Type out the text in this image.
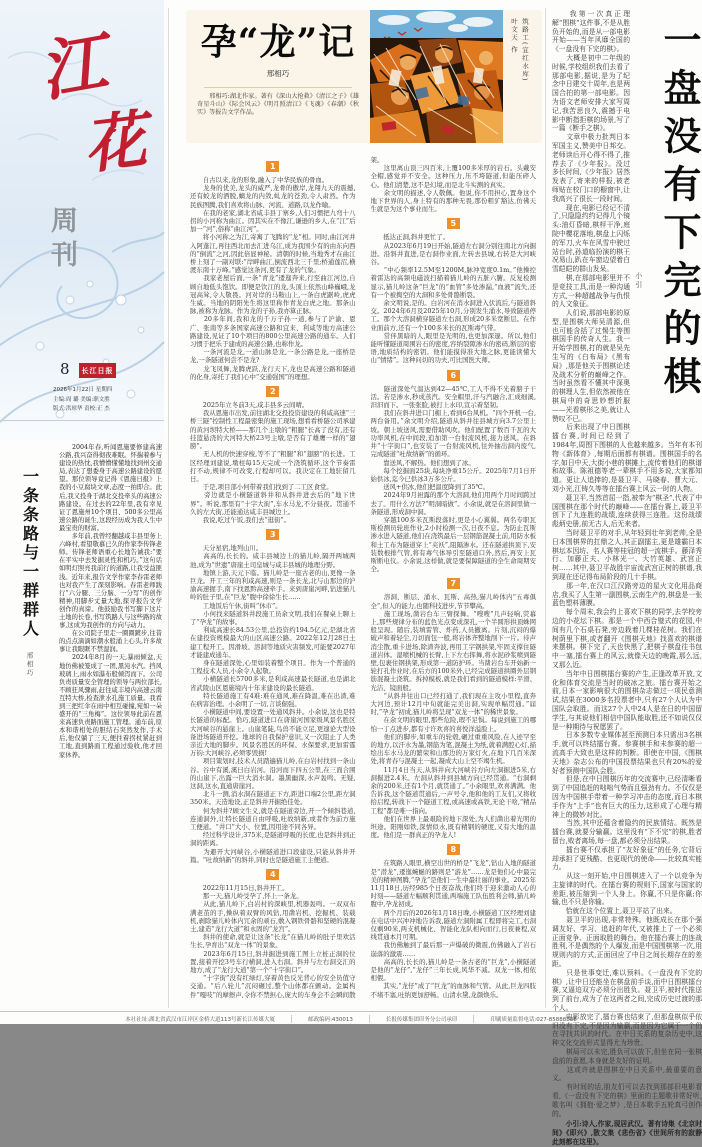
江
花
周刊
8	长江日报
2026年1月22日 星期四
主编:周 璐 美编:职文胜
版式:洪琼华 责校:正 杰
一条条路与一群群人
邢相巧
　　2004年春,听闻恩施要修建高速公路,我兴奋得彻夜难眠。怀揣着参与建设的热忱,我懵懵懂懂地找到州交通局,表达了想委身于高速公路建设的愿望。那位领导竟记得《恩施日报》上我的小豆腐块文章,态度一拍即合。此后,我又投身于湖北交投牵头的高速公路建设。在过去的22年里,我有幸见证了恩施州10个项目、500多公里高速公路的诞生,这段经历成为我人生中最宝贵的财富。
　　多年前,我曾经翻越咸丰县里务上六峰村,看望敬慕已久的作家李传锋老师。传锋老师语重心长地告诫我:“要在平实中去发掘灵性和机巧。”这句话如明灯照亮我前行的道路,让我受益匪浅。近年来,报告文学作家李春雷老师也对我产生了深刻影响。春雷老师践行“六分腿、三分脑、一分写”的创作精神,用脚步丈量大地,探寻报告文学创作的真谛。他鼓励我书写脚下这片土地的长卷,书写筑路人与这些路的故事,这成为我创作的方向与动力。
　　在公司院子里走一圈圈踱步,往昔的点点滴滴如潮水般涌上心头,许多故事让我眼眶不禁湿润。
　　2024年8月的一天,暴雨倾盆,天地仿佛被笼成了一团,黑沌水汽。挡风玻璃上,雨水如瀑布般倾泻而下。公司负责质量安全管理的领导与两位部长,不顾狂风骤雨,赶往咸丰境内高速云南互特大桥,检查泄水孔施工质量。我看到三把红伞在雨中相互碰撞,宛如一朵盛开的“三角梅”。这位领导此前在恩来高速负责路面施工管理。通车前,原本和谐相处的胆结石突然发作,手术后,他仅躺了三天,便拄着拐杖紧赶到工地,直到路面工程通过验收,他才回家休养。
孕“龙”记
邢相巧
　　邢相巧:湖北作家。著有《深山大抢救》《清江之子》《雄奇星斗山》《际会风云》《明月照清江》《飞魂》《春潮》《秋实》等报告文学作品。
筑路工(宜红水库)
叶文天 作
1
　　自古以来,龙的形象,融入了中华民族的骨血。
　　龙身的优美,龙头的威严,龙骨的傲岸,龙翔九天的震撼,还有蛟龙的洒脱,螭龙的内敛,虬龙的苍劲,令人肃然。作为民族图腾,我们喜欢将山脉、河流、道路,以龙作喻。
　　在我的老家,湖北省咸丰县丁寨乡,人们习惯把九弯十八拐的小河称为曲江。因其实在不像江,谦逊的乡人,在“江”后加一“河”,俗称“曲江河”。
　　将小河称之为江,寄寓了飞腾的“龙”相。同时,曲江河并入阿蓬江,再往西北而去汇进乌江,成为我国少有的由东向西的“倒流”之河,因此倍显神秘。清朝的时候,当地秀才在曲江桥上刻了一副对联:“岸畔曲江,倒流西北三千里;桥通莲沼,横渡东南十万峰。”感觉这条河,更有了龙的气象。
　　我家老屋后面,一条“青龙”逶迤奔来,行至曲江河边,自顾自地低头饱饮。即便是饮江的龙,头顶上依然山峰巍峨,龙冠高耸,令人敬畏。河对岸的马鞍山上,一条白虎踞岭,虎虎生威。当地的阴阳先生将这里称作青龙白虎之地。那条山脉,被称为龙脉。作为龙的子孙,我亦算正脉。
　　20多年间,我和龙的千万子孙一道,参与了沪渝、恩广、张南等多条国家高速公路和宜来、利咸等地方高速公路建设,见证了10个项目的800公里高速公路的通车。人们习惯于把乐于建成的高速公路,也称作龙。
　　一条河流是龙,一道山脉是龙,一条公路是龙,一座桥是龙,一条隧道何尝不是龙?
　　龙飞凤舞,龙腾虎跃,龙行天下,龙也是高速公路和隧道的化身,寄托了我们心中“交通强国”的理想。
2
　　2025年立冬前3天,咸丰县多云间晴。
　　我从恩施市出发,前往湖北交投投资建设的利咸高速“三桥三隧”控制性工程最密集的施工现场,想看看桥隧公司承建的黄河坝特大桥——那几个主墩的“粗腿”长高了没有,还有挂篮悬浇的大河特大桥23号主墩,是否有了雄鹰一样的“翅膀”。
　　无人机的快速穿梭,等不了“粗腿”和“翅膀”的长进。工区经理刘建说,墩柱每15天完成一个浇筑循环,这个节奏雷打不动,规律不可改变,行程却可以。我决定在工地驻留几日。
　　于是,项目部小何带着我们找到了二工区食堂。
　　旁边就是小横隧道斜井和从斜井进去后的“地下世界”。听说,那里有“十字大街”,车水马龙,不分昼夜。贯通不久的左大街,还能通达咸丰县城边上。
　　我说,吃过午饭,我们去“逛街”。
3
　　天分星宿,地列山川。
　　高高的,长长的。咸丰县城边上的猫儿岭,隔开两城两池,成为“世遗”唐崖土司皇城与咸丰县城的地理分野。
　　地镇上游,天元下临。猫儿岭是一座古老的山,更像一条巨龙。开工三年的利咸高速,则是一条长龙,北与山那边的沪渝高速握手,南下找恩黔高速牵手。来到唐崖河畔,钻进猫儿岭的肚子里,在“巨龙”腹中徐徐生长……
　　工地饭后午休,街叫“休市”。
　　小何找来隧道斜井段施工员余文明,我们在餐桌上聊上了“孕龙”的故事。
　　利咸高速长84.53公里,总投资约194.5亿元,是湖北省在建投资规模最大的山区高速公路。2022年12月28日土建工程开工。因滑坡、溶洞等地质灾害频发,可能要2027年才能建成通车。
　　身在隧道深处,心里如装着整个项目。作为一个普通的工程技术人员,小余令人起敬。
　　小横隧道长5700多米,是利咸高速最长隧道,也是湖北省武陵山区恩施境内十年来建设的最长隧道。
　　特长隧道施工有4难:难在通风,难在降温,难在出渣,难在病害治理。小余明了一切,言谈倔强。
　　小横隧道中间,要设置一处通风斜井。小余说,这也是特长隧道的标配。恰巧,隧道进口在唐崖河国家级风景名胜区大河峡谷的悬崖上。山崖笔陡,鸟兽不能立足,更遑论大型设备进场隧道开挖。地球的自我保护意识,又一次阻止了人类亲近大地的脚步。风景名胜区的环保、水保要求,更加雷霆万钧:大河峡谷,必须零毁损!
　　项目策划时,技术人员踏遍猫儿岭,在白岩村找到一条山谷。谷中有溪,溪曰白岩河。沿河而下四五公里,在三面合围的山崖下,出露一巨大消水洞。墨黑幽深,水声轰鸣。无疑,这洞,这水,直通唐崖河。
　　北斗一测,消水洞在隧道正下方,距进口端2公里,距左洞350米。天造地设,正是斜井开掘绝佳处。
　　何为斜井?顾文生义,就是在隧道旁边,开一个倾斜巷道,连通洞外,让特长隧道自由呼吸,吐故纳新,或者作为前方施工便道。“井口”大小、位置,因用途不同各异。
　　经过科学设计,375米,是隧道呼吸的长度,也是斜井到正洞的距离。
　　为避开大河峡谷,小横隧道进口段建设,只能从斜井开篇。“吐故纳新”的斜井,同时也是隧道施工主便道。
4
　　2022年11月15日,斜井开工。
　　那一天,猫儿岭受孕了,怀上一条龙。
　　从此,猫儿岭下,白岩村的深峡里,机器轰鸣。一双双布满老茧的手,操纵着双臂的风钻,用凿岩机、挖掘机、装载机,剥除猫儿岭体内冗余的顽石,敷入钢铁骨骼和坚硬的混凝土,建造“龙行大道”和永固的“龙宫”。
　　斜井的使命,就是让这条“长龙”在猫儿岭的肚子里欢活生长,孕育出“双龙一体”的景象。
　　2023年6月15日,斜井掘进到施工图上立桩正洞的位置,接着开挖3号车行横洞,进入右洞。斜井与左右洞交汇的地方,成了“龙行大道”第一个“十字街口”。
　　“十字街”没有红绿灯,穿着黄色反光背心的安全员值守交通。“后八轮儿”沉闷碾过,整个山体都在颤动。金属构件“嘎吱”的摩擦声,令你不禁担心,庞大的车身会不会瞬间散架。
　　这里离山顶三四百米,上覆100多米厚的岩石。头戴安全帽,感觉并不安全。这种压力,压不垮隧道,但能压碎人心。他们清楚,这不是幻境,而是北斗实测的真实。
　　余文明的描述,令人敬佩。他说,你不用担心,置身这个地下世界的人,身上特有的那种无畏,那份粗犷豁达,仿佛天生就是为这个事业而生。
5
　　抵达正洞,斜井更忙了。
　　从2023年6月19日开始,隧道左右洞分别往南北方向掘进。沿斜井直进,是右洞作业面,左转去县城,右转是大河峡谷。
　　“中心频率12.5M至1200M,脉冲宽度0.1m。”他操控着雷达的高频电磁波扫描着猫儿岭的五脏六腑。反复检测显示,猫儿岭这条“巨龙”的“血管”多处渗漏,“血液”流失,还有一个被掏空的大洞和多处骨骼断裂。
　　余文明说,是的。白岩河在消水洞进入伏流后,与隧道斜交。2024年6月及2025年10月,分别发生涌水,导致隧道停工。那个大溶洞横穿隧道左右洞,形成20多米宽断层。在作业面前方,还有一个100多米长的瓦斯毒气带。
　　常伴黑暗的人,眼里是光明的,也更加深邃。所以,他们能听懂隧道周围岩石的密度,容纳裂隙渗水的密码,断层的密语,地质结构的密钥。他们能摸得准大地之脉,更能读懂大山“情绪”。这种问切的功夫,可比国医大师。
6
　　隧道深处气温达到42—45℃,工人不得不光着膀子干活。若是渗水,秒成蒸汽。安全帽里,汗与汽融合,汇成细溪,汩汩而下。一张张脸,被打上水印,宣示着坚韧。
　　我们在斜井进口门楣上,看到6台风机。“四个开机一台,两台备用。”余文明介绍,隧道从斜井往县城方向3.7公里上坡。朝上坡送风,需要借助风吹。他们配置了数百千瓦的大功率风机,在中间段,追加第一台射流风机,接力送风。在斜井“十字街口”,也安装了一台射流风机,往外抽出洞内废气,完成隧道“吐故纳新”的循环。
　　靠送风,不解热。他们想到了冰。
　　每个挖掘面25块,每块净重15公斤。2025年7月1日开始供冰,迄今已供冰3万多公斤。
　　送风+供冰,他们把温度降到了35℃。
　　2024年9月袒露的那个大溶洞,他们用两个月时间跨过去了。用什么方法?“明洞暗做”。小余说,就是在溶洞里做一条隧道,形成洞中洞。
　　穿越100多米瓦斯段落时,更是小心翼翼。两名专职瓦斯检测员轮班作业,2小时检测一次,日夜不息。为防止瓦斯渗水进入隧道,他们在浇筑最后一层钢筋混凝土前,用防水板和土工布为隧道穿上“夹袄”,阻隔渗水。还在隧道拱顶下,安装数根排气管,将有毒气体导引至隧道口外,然后,再安上瓦斯断电仪。小余说,这样做,就是要保障隧道的全生命周期安全。
7
　　溶洞、断层、涌水、瓦斯、高热,猫儿岭体内“五毒俱全”,但人的能力,也随科技进步,节节攀高。
　　施工现场,凿岩台车三臂探舞。“嗖嗖”几声轻响,荧幕上,那些规律分布的蓝色光点变成深孔,一个半圆形拱顶蛛网般呈现。随后,装填雷管、炸药,人员撤离。片刻,沉闷的爆破声和着轻尘,刀切面包一般,将岩体齐整地削下一片。待声消尘散,重卡进场,除渣奔波,再用工字钢拱架,牢固支撑住隧道岩体。湿喷机械的长臂,上下左右挥舞,将水泥砂浆喷到隧壁,包裹住钢拱架,形成第一道防护环。当凿岩台车开始新一轮打孔作业时,在后方的100米外,已经完成隧道拱圈外层钢筋混凝土浇筑。拆掉模板,就是我们看到的隧道模样:平滑、光洁、镜面般。
　　“从斜井往出口已经打通了,我们现在主攻小里程,直奔大河边,预计12月中旬就能完美出洞,实现单幅贯通。”届时,“孕龙”初成,猫儿岭将呈现“双龙一体”的稀世景象。
　　在余文明的眼里,那些危险,瑕不足惧。每说到施工的哪怕一丁点进步,都有寸许欢喜的喜悦洋溢脸上。
　　他们的脚步,如重车的轮毂,碾过重重风险,在人迹罕至的地方,以汗水为墨,钢筋为笔,混凝土为纸,就着满腔心灯,描绘出车水马龙的繁荣和山那边的万家灯火,在地下几百米深处,将青春与混凝土一起,凝成大山上空不竭生机。
　　11月4日当天,从斜井向大河峡谷方向左洞掘进5米,右洞掘进2.4米。左洞从斜井到县城方向已经贯通。“右洞剩余的200米,还有1个月,就贯通了。”小余眼里,欢喜满满。他告诉我,这个隧道贯通后,一声号令,他和他的工友们,又将收拾启程,转战下一个隧道工程,或高速或高铁,无论干啥,“精品工程”都是唯一指向。
　　他们在世界上最艰险的地下深处,为人们凿出着光明的坦途。阳刚如铁,深情似水,既有精钢的硬度,又有大地的温度。他们是一群真正的孕龙人!
8
　　在筑路人眼里,横空出世的桥是“飞龙”,钻山入地的隧道是“潜龙”,逶迤蜿蜒的路则是“游龙”……龙是他们心中最完美的精神图腾,“孕龙”是他们一生中最壮丽的事业。2025年11月18日,历经985个日夜奋战,他们终于迎来激动人心的时刻——隧道左幅顺利贯通,两端施工队伍胜利会师,猫儿岭腹中,孕龙初成。
　　两个月后的2026年1月18日晚,小横隧道工区经理刘建在电话中兴冲冲地告诉我,隧道左洞附属工程即将完工,右洞仅剩90米,两支机械化、智能化龙队相向而行,日夜兼程,双线贯通本月可期。
　　我仿佛触到了最后那一声爆破的微震,仿佛融入了岩石崩落的激震……
　　高高的,长长的,猫儿岭是一条古老的“巨龙”,小横隧道是他的“龙仔”,“龙仔”三年长成,风华不减。双龙一体,相依相偎。
　　其实,“龙仔”成了“巨龙”的血脉和气管。从此,巨龙四肢不堵不塞,吐纳更加舒畅。山清水黛,龙颜焕乐。
一盘没有下完的棋
小引
　　我第一次真正理解“围棋”这件事,不是从胜负开始的,而是从一部电影开始——当年风靡全国的《一盘没有下完的棋》。
　　大概是初中二年级的时候,学校组织我们去看了那部电影,据说,是为了纪念中日建交十周年,也是两国合拍的第一部电影。因为语文老师安排大家写周记,我苦思良久,震撼于电影中断指拒棋的场景,写了一篇《断手之棋》。
　　文章中极力批判日本军国主义,赞美中日邦交。老师读后开心得不得了,推荐去了《少年报》。没过多长时间,《少年报》居然发表了,寄来的样报,被老师贴在校门口的橱窗中,让我高兴了很长一段时间。
　　现在,电影已经记不清了,只隐隐约约记得几个镜头:油灯昏暗,棋枰干净,庭院中樱花落地,棋盘上闪烁的军刀,火车在风雪中驶过站台时,孙道临扮演的棋王况易山,趴在车窗边望着白雪皑皑的群山发呆。
　　棋,在那部电影里并不是竞技工具,而是一种沟通方式,一种超越战争与仇恨的人文象征。
　　人们说,那部电影的原型,是围棋大师吴清源,但也可能含括了过惕生等围棋国手的传奇人生。我一开始学围棋,打的就是吴先生写的《白布局》《黑布局》,那是他关于围棋论述及战术分析的巅峰之作。当时虽然看不懂其中深奥的棋理人生,但依然被他在棋局中的奇思妙想折服——光看棋形之美,就让人赞叹不已。
　　后来出现了中日围棋擂台赛,时间已经到了1984年,周围下围棋的人也越来越多。当年有本刊物《新体育》,每期后面都有棋谱。围棋国手的名字,如日中天,大街小巷的棋摊上,流传着他们的棋谱和故事。陈祖德等老一辈棋手不用多说,大家都知道。更让人追捧的,是聂卫平、马晓春、曹大元、刘小光,江铸久等等在擂台赛上风云一时的人物。
　　聂卫平,当然首屈一指,被奉为“棋圣”,代表了中国围棋在那个时代的巅峰——在擂台赛上,聂卫平创下了九连胜的战绩,连续获得三连胜。这份战绩彪炳史册,前无古人,后无来者。
　　当时聂卫平的对手,从年轻到壮年到老帅,全是日本围棋界的扛鼎之人,其正副擂主,更是雄霸日本棋坛本因坊、名人赛等桂冠的超一流棋手。藤泽秀行、加藤正夫、小林光一、大竹英雄、武宫正树……其中,聂卫平战胜宇宙流武宫正树的棋谱,我到现在还记得布局阶段的几十手棋。
　　那一年,在汉口江汉路旁边的星火文化用品商店,我买了人生第一副围棋,云南生产的,棋盘是一张蓝色塑料薄膜。
　　每个周末,我会约上喜欢下棋的同学,去学校旁边的小花坛下棋。那是一个中西合璧式的花园,中间有几个石桌石凳,旁边栽着几棵桂花树。我们在树荫里下棋,或者翻开《围棋天地》找喜欢的棋谱来摆棋。棋下完了,天也快黑了,把棋子棋盘往书包中一塞,擂台赛上的风云,就像天边的晚霞,那么远,又那么近。
　　当年中日围棋擂台赛的产生,正逢改革开放,文化和体育交流是当时的破冰之旅。擂台赛开始之前,日本一家影响很大的围棋杂志做过一项民意测试,结果在3000多名投票者中,只有27个人认为中国队会取胜。而这27个人中24人是在日的中国留学生,与其说他们相信中国队能取胜,还不如说仅仅是一种期待与祝愿罢了。
　　日本多数专业媒体甚至预测日本只需出3名棋手,就可以终结擂台赛。参赛棋手和未参赛的超一流高手大致也是这样的判断。即使在中国,《围棋天地》杂志公布的中国投票结果也只有20%的爱好者预测中国队会胜。
　　但是,在中日围棋历年的交流赛中,已经清晰看到了中国追赶的咄咄气势而且强劲有力。不仅仅是因为中国棋手带着一种学习冲击的态度,而日本棋手作为“上手”也有巨大的压力,这形成了心理与精神上的微妙对比。
　　当然,其中还蕴含着隐约的民族情结。既然是擂台赛,就要分输赢。这里没有“下不完”的棋,胜者留台,败者离场,每一盘,都必须分出结果。
　　擂台赛不仅承担了“友好象征”的任务,它背后却承担了更残酷、也更现代的使命——比较真实能力。
　　从这一刻开始,中日围棋进入了一个以竞争为主旋律的时代。在擂台赛的规则下,国家与国家的差距,被压缩到一个人身上。你赢,不只是你赢;你输,也不只是你输。
　　恰就在这个位置上,聂卫平站了出来。
　　聂卫平的出现,非常特殊。他既成长在那个强调友好、学习、追赶的年代,又被推上了一个必须正面竞争、正面取胜的舞台。他在擂台赛上的连战胜利,不是偶然的个人爆发,而是中国围棋第一次,用规则内的方式,正面回应了中日之间长期存在的差距。
　　只是世事变迁,难以预料。《一盘没有下完的棋》,让中日还能坐在棋盘前手谈,而中日围棋擂台赛,又逼迫双方必须分出胜负。聂卫平,被时代推送到了前台,成为了在这两者之间,完成历史过渡的那个人。
　　电影放完了,擂台赛也结束了,但那盘棋似乎依旧没有下完,不是因为输赢,而是因为它属于一个仍在寻找共识的时代。在中日关系的复杂历史中,这种文化交流形式显得尤为珍贵。
　　棋局可以未完,胜负可以放下,但坐在同一张棋盘前的意愿,本身就是友好的证明。
　　这或许就是围棋在中日关系中,最重要的意义。
　　有时间的话,朋友们可以去找到那部旧电影看看,《一盘没有下完的棋》里面的主题歌非常好听,歌名叫《拥抱·爱之梦》,是日本歌手五轮真弓创作的。
　　小引:诗人,作家,现居武汉。著有诗集《北京时间》《即兴》,散文集《悲伤省》《世间所有的寂静 此刻都在这里》。
本社社址:湖北省武汉市江岸区金桥大道113号新长江传媒大厦	邮政编码:430013	长报传媒集团印务分公司承印	印刷质量监督电话:027-85888888
